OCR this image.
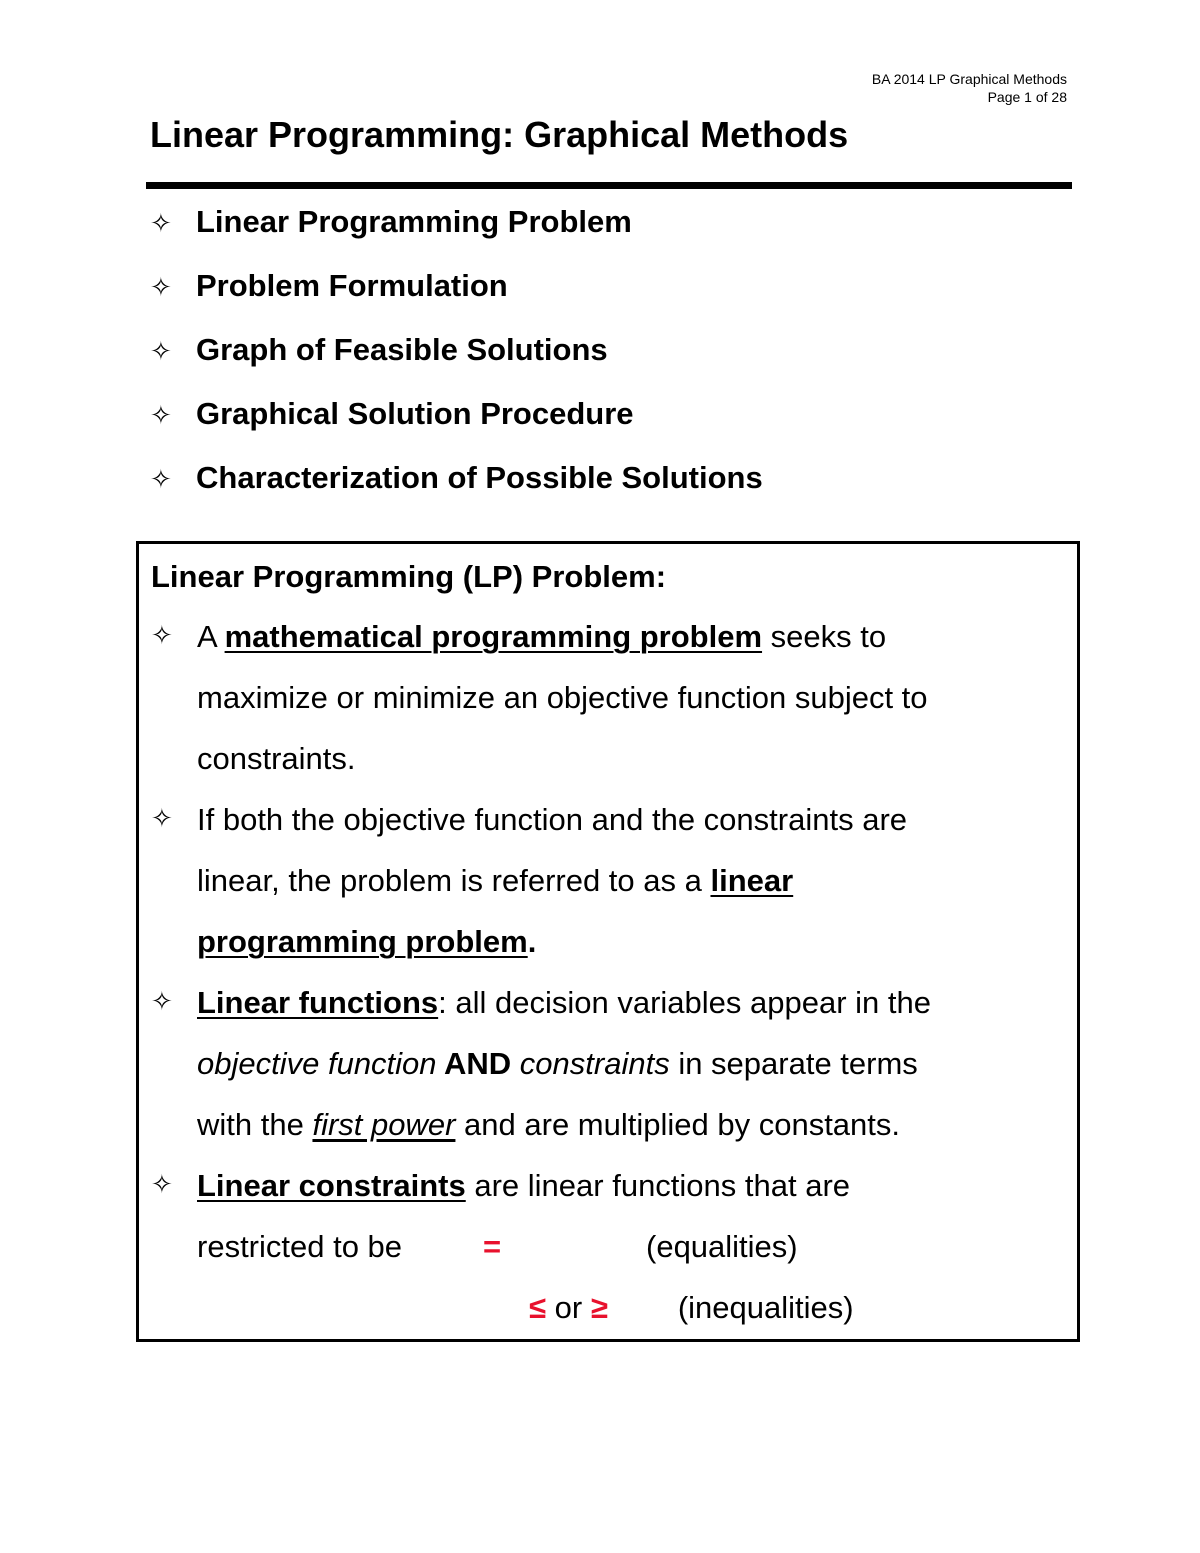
BA 2014 LP Graphical Methods
Page 1 of 28
Linear Programming: Graphical Methods
✧ Linear Programming Problem
✧ Problem Formulation
✧ Graph of Feasible Solutions
✧ Graphical Solution Procedure
✧ Characterization of Possible Solutions
Linear Programming (LP) Problem:
✧ A mathematical programming problem seeks to
maximize or minimize an objective function subject to
constraints.
✧ If both the objective function and the constraints are
linear, the problem is referred to as a linear
programming problem.
✧ Linear functions: all decision variables appear in the
objective function AND constraints in separate terms
with the first power and are multiplied by constants.
✧ Linear constraints are linear functions that are
restricted to be	=	(equalities)
≤ or ≥ (inequalities)
